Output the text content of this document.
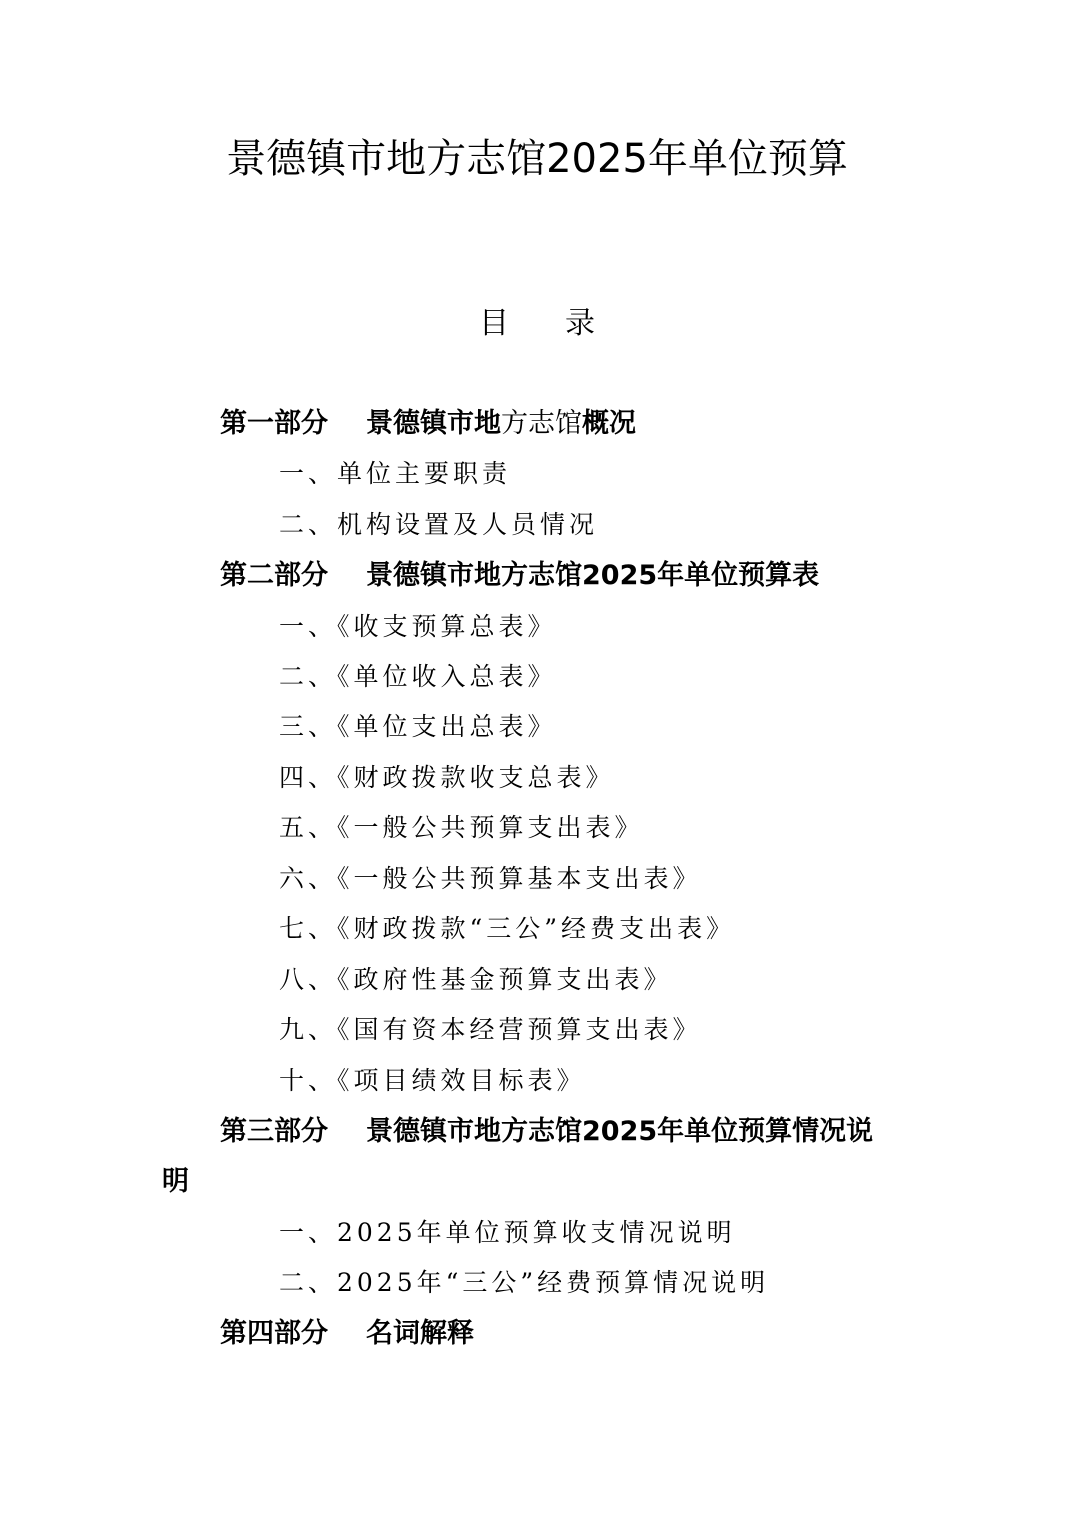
景德镇市地方志馆2025年单位预算
目 录
第一部分 景德镇市地方志馆概况
一、单位主要职责
二、机构设置及人员情况
第二部分 景德镇市地方志馆2025年单位预算表
一、《收支预算总表》
二、《单位收入总表》
三、《单位支出总表》
四、《财政拨款收支总表》
五、《一般公共预算支出表》
六、《一般公共预算基本支出表》
七、《财政拨款“三公”经费支出表》
八、《政府性基金预算支出表》
九、《国有资本经营预算支出表》
十、《项目绩效目标表》
第三部分 景德镇市地方志馆2025年单位预算情况说
明
一、2025年单位预算收支情况说明
二、2025年“三公”经费预算情况说明
第四部分 名词解释
